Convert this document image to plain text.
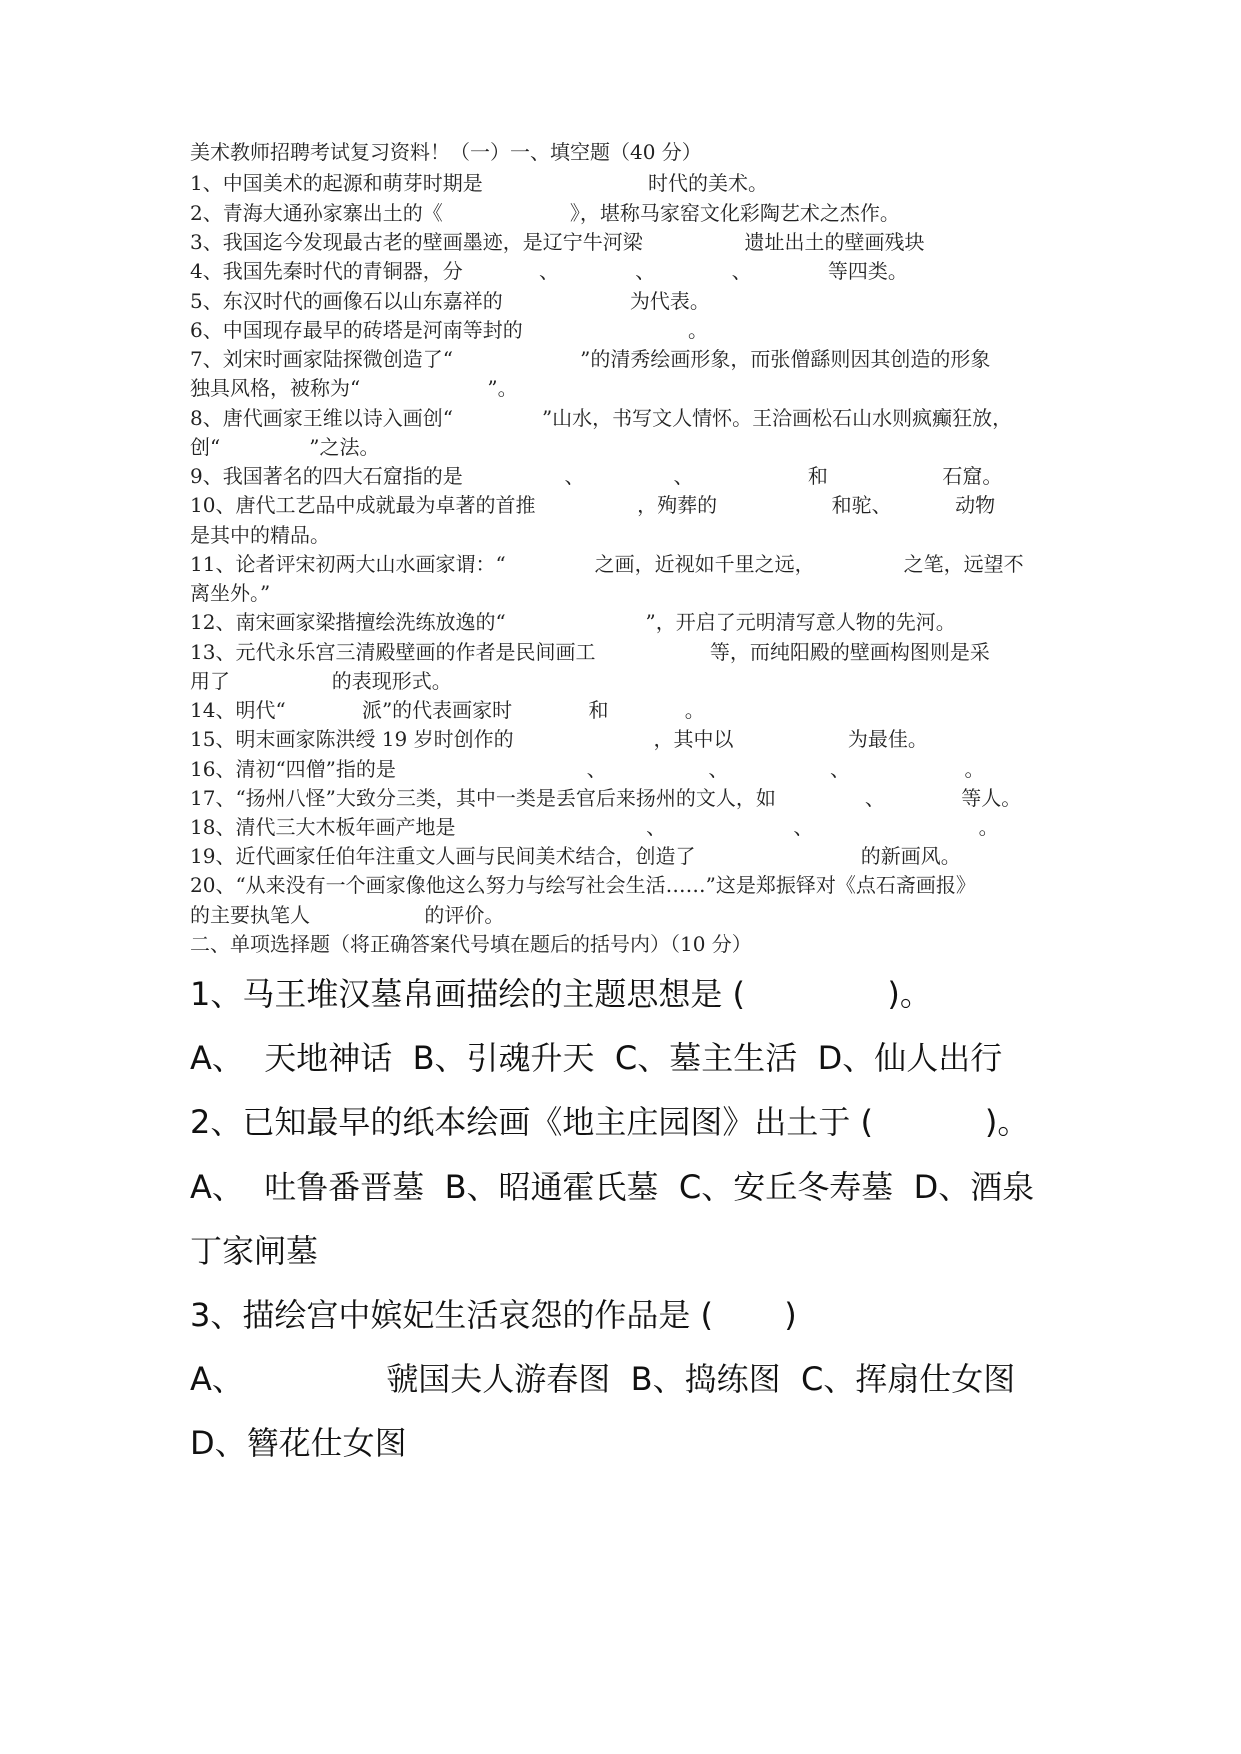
美术教师招聘考试复习资料！（一）一、填空题（40 分）

1、中国美术的起源和萌芽时期是                          时代的美术。

2、青海大通孙家寨出土的《                    》，堪称马家窑文化彩陶艺术之杰作。

3、我国迄今发现最古老的壁画墨迹，是辽宁牛河梁                遗址出土的壁画残块

4、我国先秦时代的青铜器，分            、            、            、            等四类。

5、东汉时代的画像石以山东嘉祥的                    为代表。

6、中国现存最早的砖塔是河南等封的                          。

7、刘宋时画家陆探微创造了“                    ”的清秀绘画形象，而张僧繇则因其创造的形象

独具风格，被称为“                    ”。

8、唐代画家王维以诗入画创“              ”山水，书写文人情怀。王洽画松石山水则疯癫狂放，

创“              ”之法。

9、我国著名的四大石窟指的是                、              、                  和                  石窟。

10、唐代工艺品中成就最为卓著的首推                ，殉葬的                  和驼、          动物

是其中的精品。

11、论者评宋初两大山水画家谓：“              之画，近视如千里之远，              之笔，远望不

离坐外。”

12、南宋画家梁揩擅绘洗练放逸的“                      ”，开启了元明清写意人物的先河。

13、元代永乐宫三清殿壁画的作者是民间画工                  等，而纯阳殿的壁画构图则是采

用了                的表现形式。

14、明代“            派”的代表画家时            和            。

15、明末画家陈洪绶 19 岁时创作的                      ，其中以                  为最佳。

16、清初“四僧”指的是                              、                、                、                  。

17、“扬州八怪”大致分三类，其中一类是丢官后来扬州的文人，如              、            等人。

18、清代三大木板年画产地是                              、                    、                          。

19、近代画家任伯年注重文人画与民间美术结合，创造了                          的新画风。

20、“从来没有一个画家像他这么努力与绘写社会生活……”这是郑振铎对《点石斋画报》

的主要执笔人                  的评价。

二、单项选择题（将正确答案代号填在题后的括号内）（10 分）

1、马王堆汉墓帛画描绘的主题思想是 (              )。

A、  天地神话  B、引魂升天  C、墓主生活  D、仙人出行

2、已知最早的纸本绘画《地主庄园图》出土于 (           )。

A、  吐鲁番晋墓  B、昭通霍氏墓  C、安丘冬寿墓  D、酒泉

丁家闸墓

3、描绘宫中嫔妃生活哀怨的作品是 (       )

A、              虢国夫人游春图  B、捣练图  C、挥扇仕女图

D、簪花仕女图
